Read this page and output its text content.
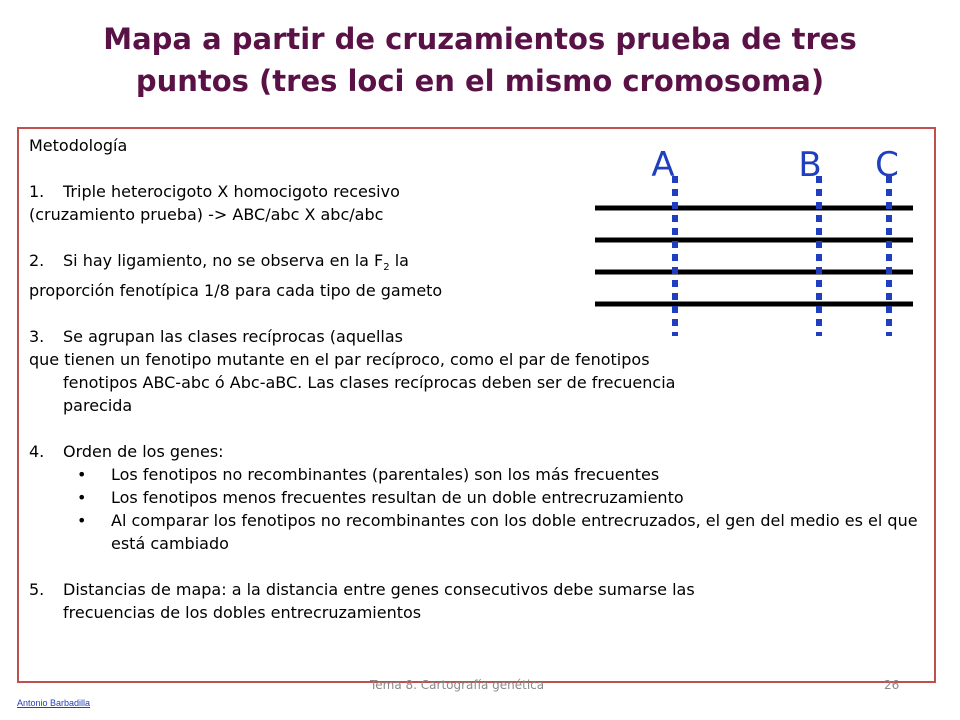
Mapa a partir de cruzamientos prueba de tres
puntos (tres loci en el mismo cromosoma)

Metodología

1. Triple heterocigoto X homocigoto recesivo

(cruzamiento prueba) -> ABC/abc X abc/abc

2. Si hay ligamiento, no se observa en la $F_2$ la

proporción fenotípica 1/8 para cada tipo de gameto

3. Se agrupan las clases recíprocas (aquellas

que tienen un fenotipo mutante en el par recíproco, como el par de fenotipos

fenotipos ABC-abc ó Abc-aBC. Las clases recíprocas deben ser de frecuencia

parecida

4. Orden de los genes:

• Los fenotipos no recombinantes (parentales) son los más frecuentes
• Los fenotipos menos frecuentes resultan de un doble entrecruzamiento
• Al comparar los fenotipos no recombinantes con los doble entrecruzados, el gen del medio es el que está cambiado

5. Distancias de mapa: a la distancia entre genes consecutivos debe sumarse las

frecuencias de los dobles entrecruzamientos

A	B C
Antonio Barbadilla
Tema 8. Cartografía genética	26
